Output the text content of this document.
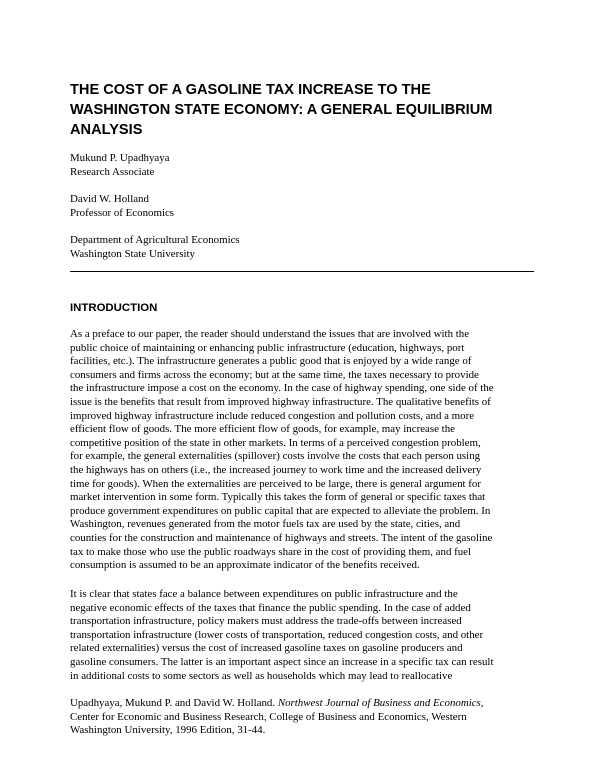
THE COST OF A GASOLINE TAX INCREASE TO THE
WASHINGTON STATE ECONOMY: A GENERAL EQUILIBRIUM
ANALYSIS
Mukund P. Upadhyaya
Research Associate
David W. Holland
Professor of Economics
Department of Agricultural Economics
Washington State University
INTRODUCTION
As a preface to our paper, the reader should understand the issues that are involved with the
public choice of maintaining or enhancing public infrastructure (education, highways, port
facilities, etc.). The infrastructure generates a public good that is enjoyed by a wide range of
consumers and firms across the economy; but at the same time, the taxes necessary to provide
the infrastructure impose a cost on the economy. In the case of highway spending, one side of the
issue is the benefits that result from improved highway infrastructure. The qualitative benefits of
improved highway infrastructure include reduced congestion and pollution costs, and a more
efficient flow of goods. The more efficient flow of goods, for example, may increase the
competitive position of the state in other markets. In terms of a perceived congestion problem,
for example, the general externalities (spillover) costs involve the costs that each person using
the highways has on others (i.e., the increased journey to work time and the increased delivery
time for goods). When the externalities are perceived to be large, there is general argument for
market intervention in some form. Typically this takes the form of general or specific taxes that
produce government expenditures on public capital that are expected to alleviate the problem. In
Washington, revenues generated from the motor fuels tax are used by the state, cities, and
counties for the construction and maintenance of highways and streets. The intent of the gasoline
tax to make those who use the public roadways share in the cost of providing them, and fuel
consumption is assumed to be an approximate indicator of the benefits received.
It is clear that states face a balance between expenditures on public infrastructure and the
negative economic effects of the taxes that finance the public spending. In the case of added
transportation infrastructure, policy makers must address the trade-offs between increased
transportation infrastructure (lower costs of transportation, reduced congestion costs, and other
related externalities) versus the cost of increased gasoline taxes on gasoline producers and
gasoline consumers. The latter is an important aspect since an increase in a specific tax can result
in additional costs to some sectors as well as households which may lead to reallocative
Upadhyaya, Mukund P. and David W. Holland. Northwest Journal of Business and Economics,
Center for Economic and Business Research, College of Business and Economics, Western
Washington University, 1996 Edition, 31-44.
